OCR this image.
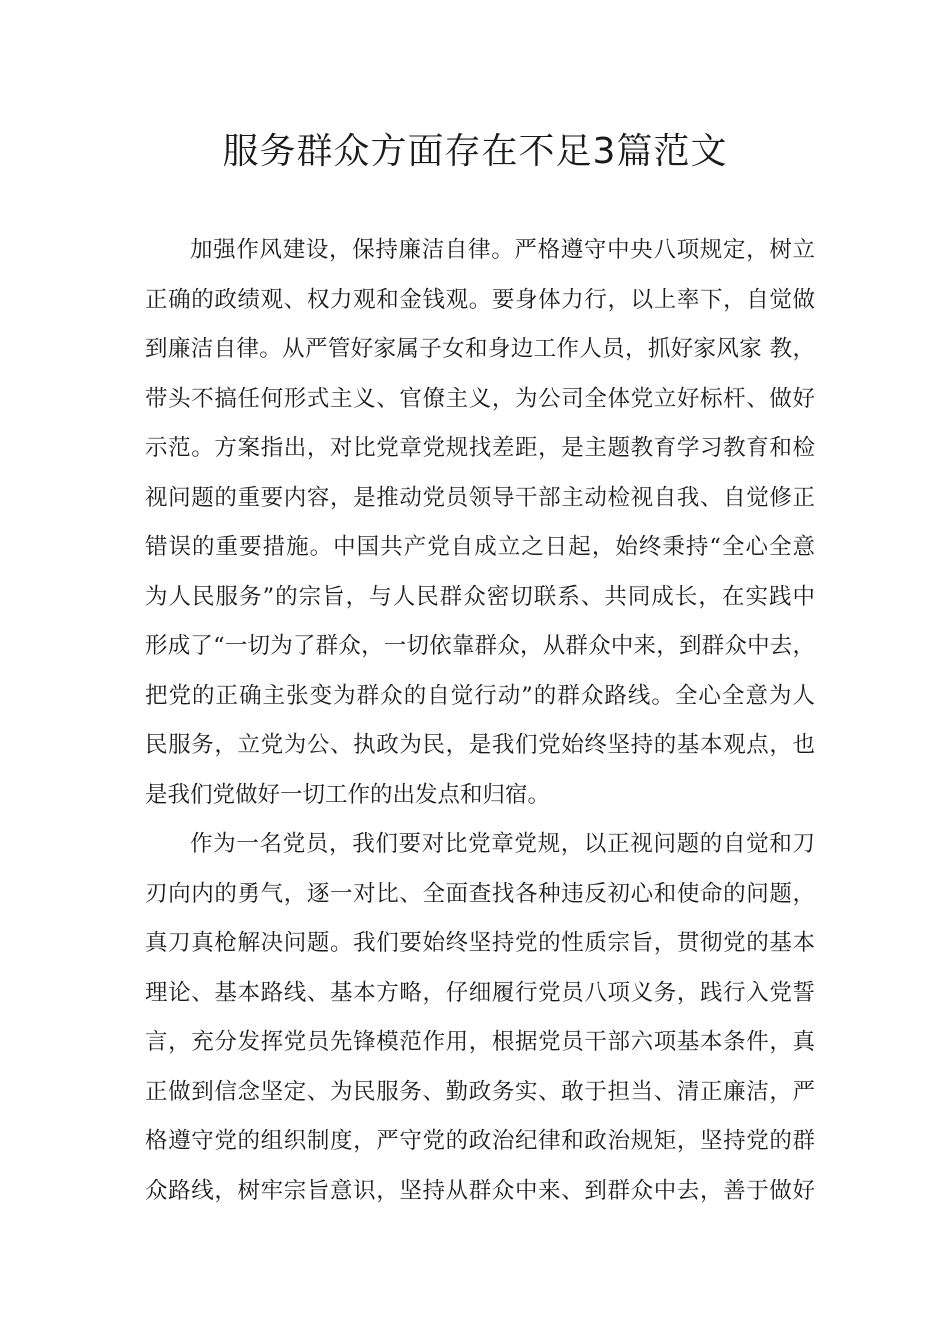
服务群众方面存在不足3篇范文
加强作风建设，保持廉洁自律。严格遵守中央八项规定，树立
正确的政绩观、权力观和金钱观。要身体力行，以上率下，自觉做
到廉洁自律。从严管好家属子女和身边工作人员，抓好家风家 教，
带头不搞任何形式主义、官僚主义，为公司全体党立好标杆、做好
示范。方案指出，对比党章党规找差距，是主题教育学习教育和检
视问题的重要内容，是推动党员领导干部主动检视自我、自觉修正
错误的重要措施。中国共产党自成立之日起，始终秉持“全心全意
为人民服务”的宗旨，与人民群众密切联系、共同成长，在实践中
形成了“一切为了群众，一切依靠群众，从群众中来，到群众中去，
把党的正确主张变为群众的自觉行动”的群众路线。全心全意为人
民服务，立党为公、执政为民，是我们党始终坚持的基本观点，也
是我们党做好一切工作的出发点和归宿。
作为一名党员，我们要对比党章党规，以正视问题的自觉和刀
刃向内的勇气，逐一对比、全面查找各种违反初心和使命的问题，
真刀真枪解决问题。我们要始终坚持党的性质宗旨，贯彻党的基本
理论、基本路线、基本方略，仔细履行党员八项义务，践行入党誓
言，充分发挥党员先锋模范作用，根据党员干部六项基本条件，真
正做到信念坚定、为民服务、勤政务实、敢于担当、清正廉洁，严
格遵守党的组织制度，严守党的政治纪律和政治规矩，坚持党的群
众路线，树牢宗旨意识，坚持从群众中来、到群众中去，善于做好
